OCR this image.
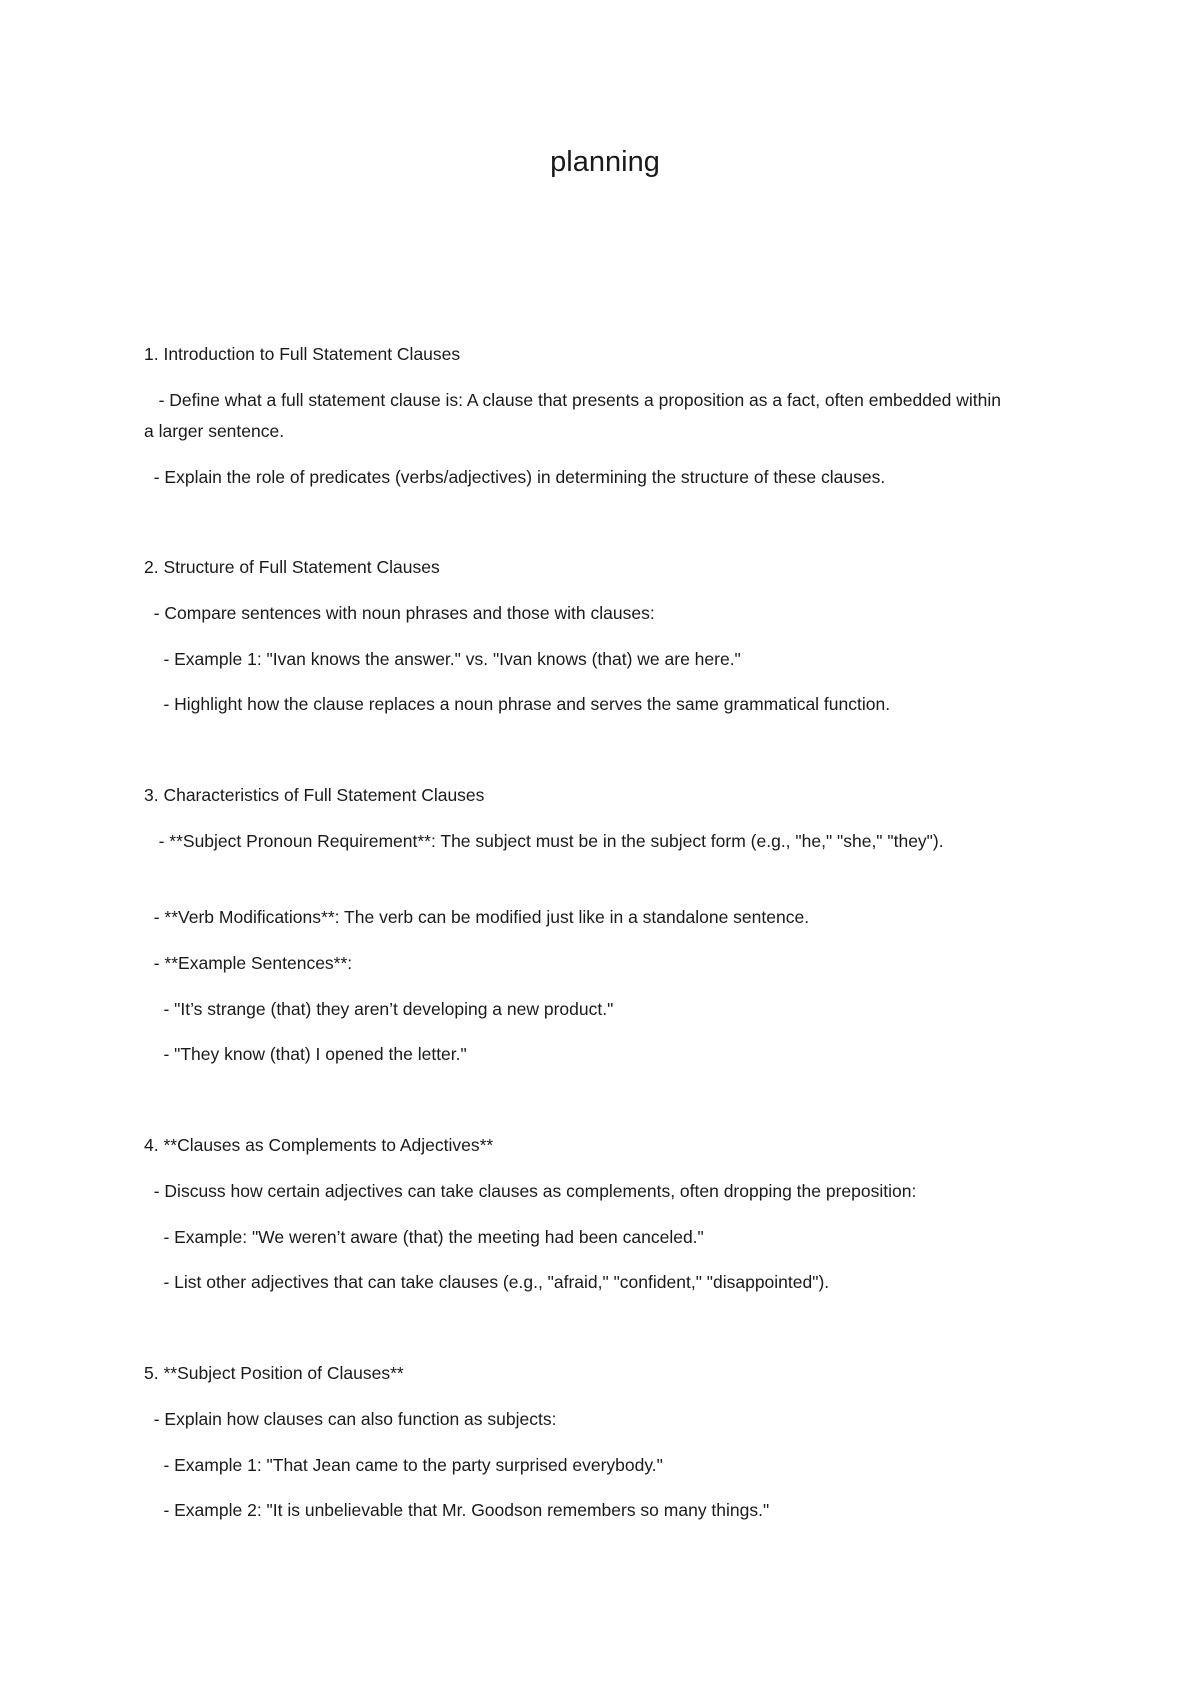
planning
1. Introduction to Full Statement Clauses
- Define what a full statement clause is: A clause that presents a proposition as a fact, often embedded within a larger sentence.
- Explain the role of predicates (verbs/adjectives) in determining the structure of these clauses.
2. Structure of Full Statement Clauses
- Compare sentences with noun phrases and those with clauses:
- Example 1: "Ivan knows the answer." vs. "Ivan knows (that) we are here."
- Highlight how the clause replaces a noun phrase and serves the same grammatical function.
3. Characteristics of Full Statement Clauses
- **Subject Pronoun Requirement**: The subject must be in the subject form (e.g., "he," "she," "they").
- **Verb Modifications**: The verb can be modified just like in a standalone sentence.
- **Example Sentences**:
- "It’s strange (that) they aren’t developing a new product."
- "They know (that) I opened the letter."
4. **Clauses as Complements to Adjectives**
- Discuss how certain adjectives can take clauses as complements, often dropping the preposition:
- Example: "We weren’t aware (that) the meeting had been canceled."
- List other adjectives that can take clauses (e.g., "afraid," "confident," "disappointed").
5. **Subject Position of Clauses**
- Explain how clauses can also function as subjects:
- Example 1: "That Jean came to the party surprised everybody."
- Example 2: "It is unbelievable that Mr. Goodson remembers so many things."
